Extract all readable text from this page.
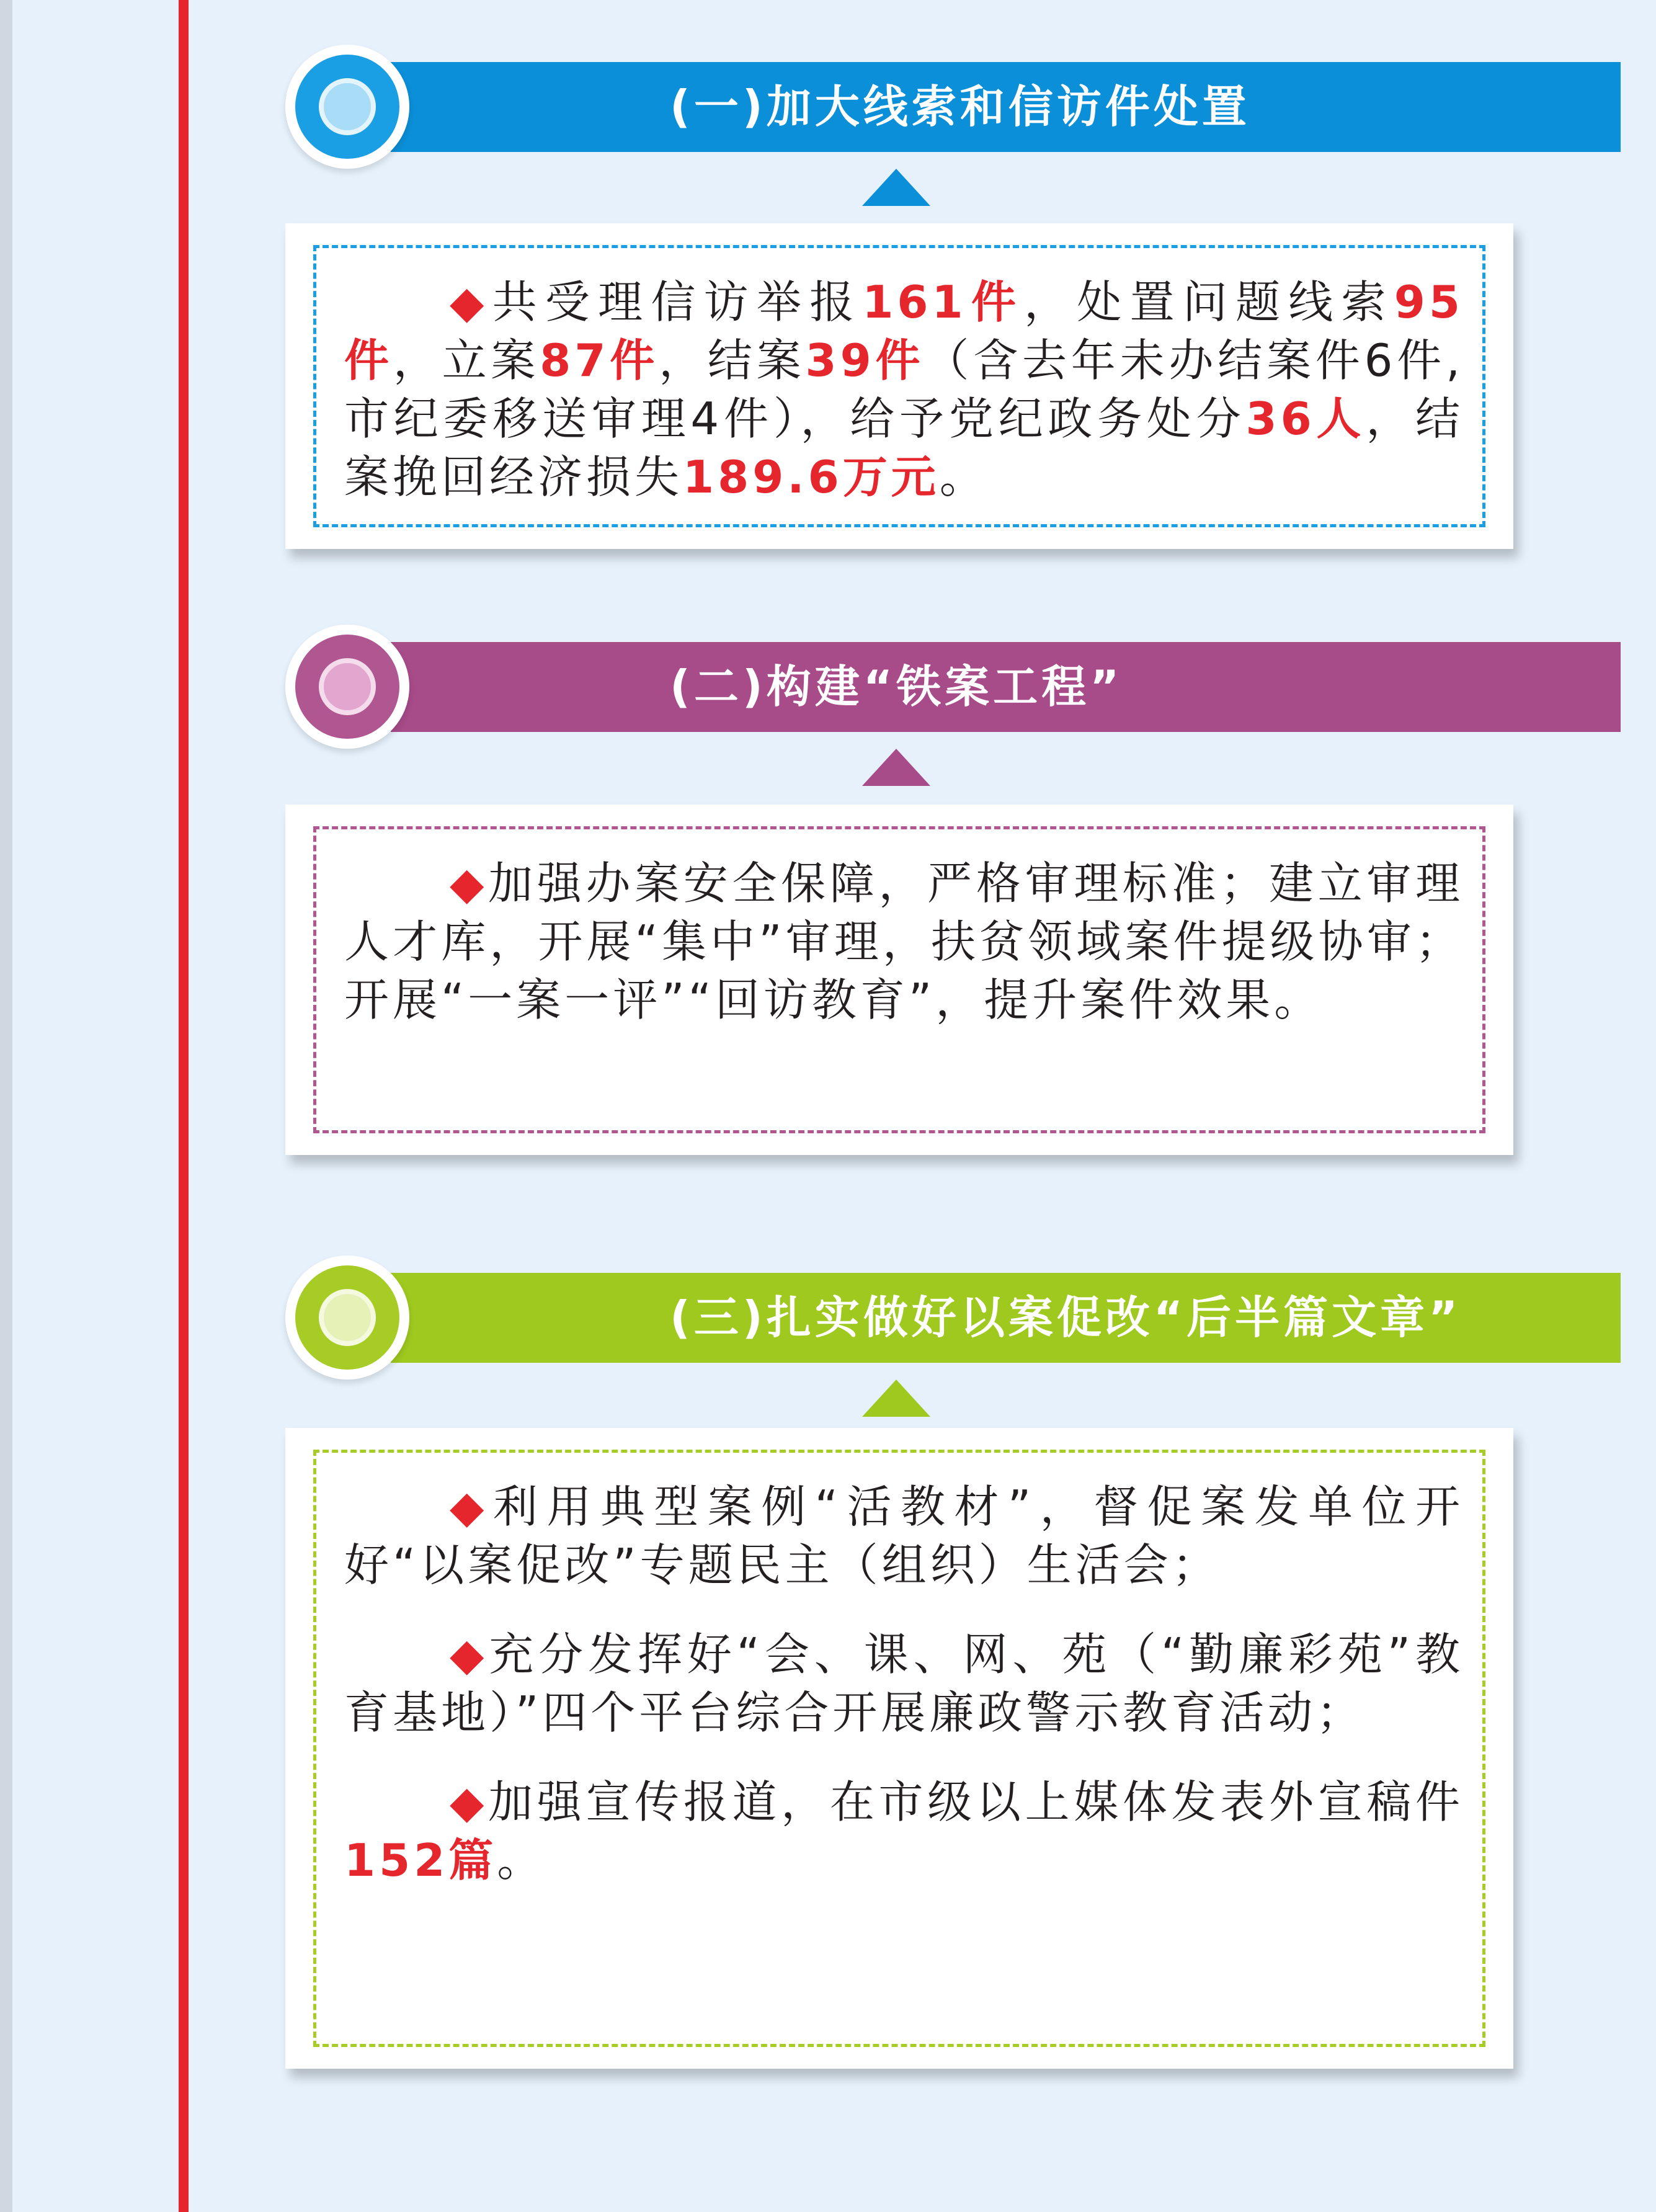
(一)加大线索和信访件处置

◆共受理信访举报161件，处置问题线索95件，立案87件，结案39件（含去年未办结案件6件,市纪委移送审理4件），给予党纪政务处分36人，结案挽回经济损失189.6万元。

(二)构建“铁案工程”

◆加强办案安全保障，严格审理标准；建立审理人才库，开展“集中”审理，扶贫领域案件提级协审；开展“一案一评”“回访教育”，提升案件效果。

(三)扎实做好以案促改“后半篇文章”

◆利用典型案例“活教材”，督促案发单位开好“以案促改”专题民主（组织）生活会；

◆充分发挥好“会、课、网、苑（“勤廉彩苑”教育基地）”四个平台综合开展廉政警示教育活动；

◆加强宣传报道，在市级以上媒体发表外宣稿件152篇。
